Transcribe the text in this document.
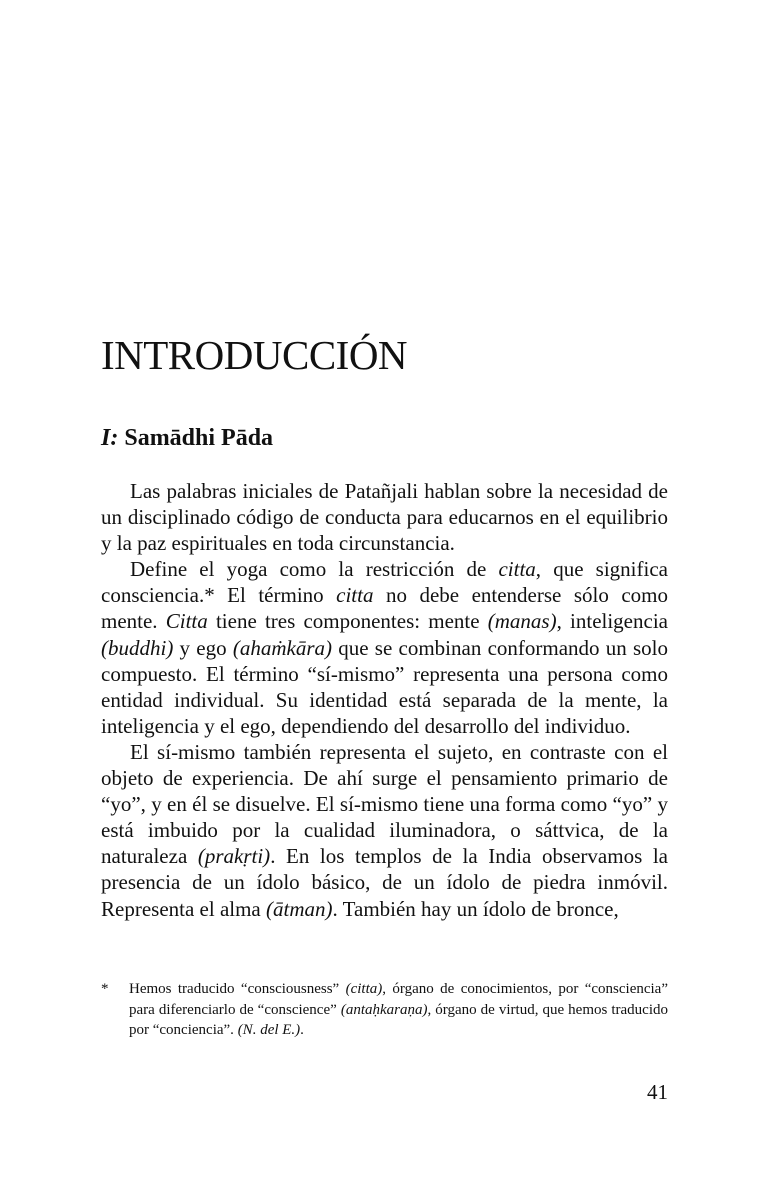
INTRODUCCIÓN
I: Samādhi Pāda

Las palabras iniciales de Patañjali hablan sobre la necesidad de un disciplinado código de conducta para educarnos en el equilibrio y la paz espirituales en toda circunstancia.

Define el yoga como la restricción de citta, que significa consciencia.* El término citta no debe entenderse sólo como mente. Citta tiene tres componentes: mente (manas), inteligencia (buddhi) y ego (ahaṁkāra) que se combinan conformando un solo compuesto. El término “sí-mismo” representa una persona como entidad individual. Su identidad está separada de la mente, la inteligencia y el ego, dependiendo del desarrollo del individuo.

El sí-mismo también representa el sujeto, en contraste con el objeto de experiencia. De ahí surge el pensamiento primario de “yo”, y en él se disuelve. El sí-mismo tiene una forma como “yo” y está imbuido por la cualidad iluminadora, o sáttvica, de la naturaleza (prakṛti). En los templos de la India observamos la presencia de un ídolo básico, de un ídolo de piedra inmóvil. Representa el alma (ātman). También hay un ídolo de bronce,

* Hemos traducido “consciousness” (citta), órgano de conocimientos, por “consciencia” para diferenciarlo de “conscience” (antaḥkaraṇa), órgano de virtud, que hemos traducido por “conciencia”. (N. del E.).

41
